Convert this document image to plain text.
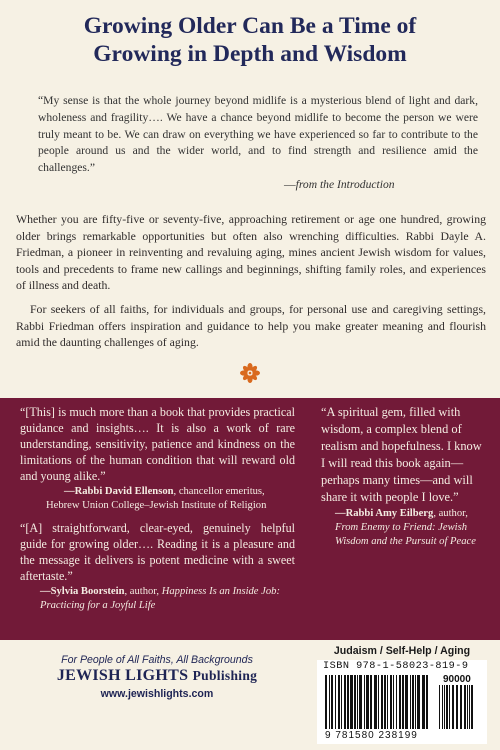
Growing Older Can Be a Time of
Growing in Depth and Wisdom
“My sense is that the whole journey beyond midlife is a mysterious blend of light and dark, wholeness and fragility…. We have a chance beyond midlife to become the person we were truly meant to be. We can draw on everything we have experienced so far to contribute to the people around us and the wider world, and to find strength and resilience amid the challenges.”
—from the Introduction

Whether you are fifty-five or seventy-five, approaching retirement or age one hundred, growing older brings remarkable opportunities but often also wrenching difficulties. Rabbi Dayle A. Friedman, a pioneer in reinventing and revaluing aging, mines ancient Jewish wisdom for values, tools and precedents to frame new callings and beginnings, shifting family roles, and experiences of illness and death.

For seekers of all faiths, for individuals and groups, for personal use and caregiving settings, Rabbi Friedman offers inspiration and guidance to help you make greater meaning and flourish amid the daunting challenges of aging.

“[This] is much more than a book that provides practical guidance and insights…. It is also a work of rare understanding, sensitivity, patience and kindness on the limitations of the human condition that will reward old and young alike.”
—Rabbi David Ellenson, chancellor emeritus,
Hebrew Union College–Jewish Institute of Religion
“[A] straightforward, clear-eyed, genuinely helpful guide for growing older…. Reading it is a pleasure and the message it delivers is potent medicine with a sweet aftertaste.”
—Sylvia Boorstein, author, Happiness Is an Inside Job: Practicing for a Joyful Life
“A spiritual gem, filled with wisdom, a complex blend of realism and hopefulness. I know I will read this book again—perhaps many times—and will share it with people I love.”
—Rabbi Amy Eilberg, author, From Enemy to Friend: Jewish Wisdom and the Pursuit of Peace
For People of All Faiths, All Backgrounds
JEWISH LIGHTS Publishing
www.jewishlights.com
Judaism / Self-Help / Aging
ISBN 978-1-58023-819-9
90000
9 781580 238199
